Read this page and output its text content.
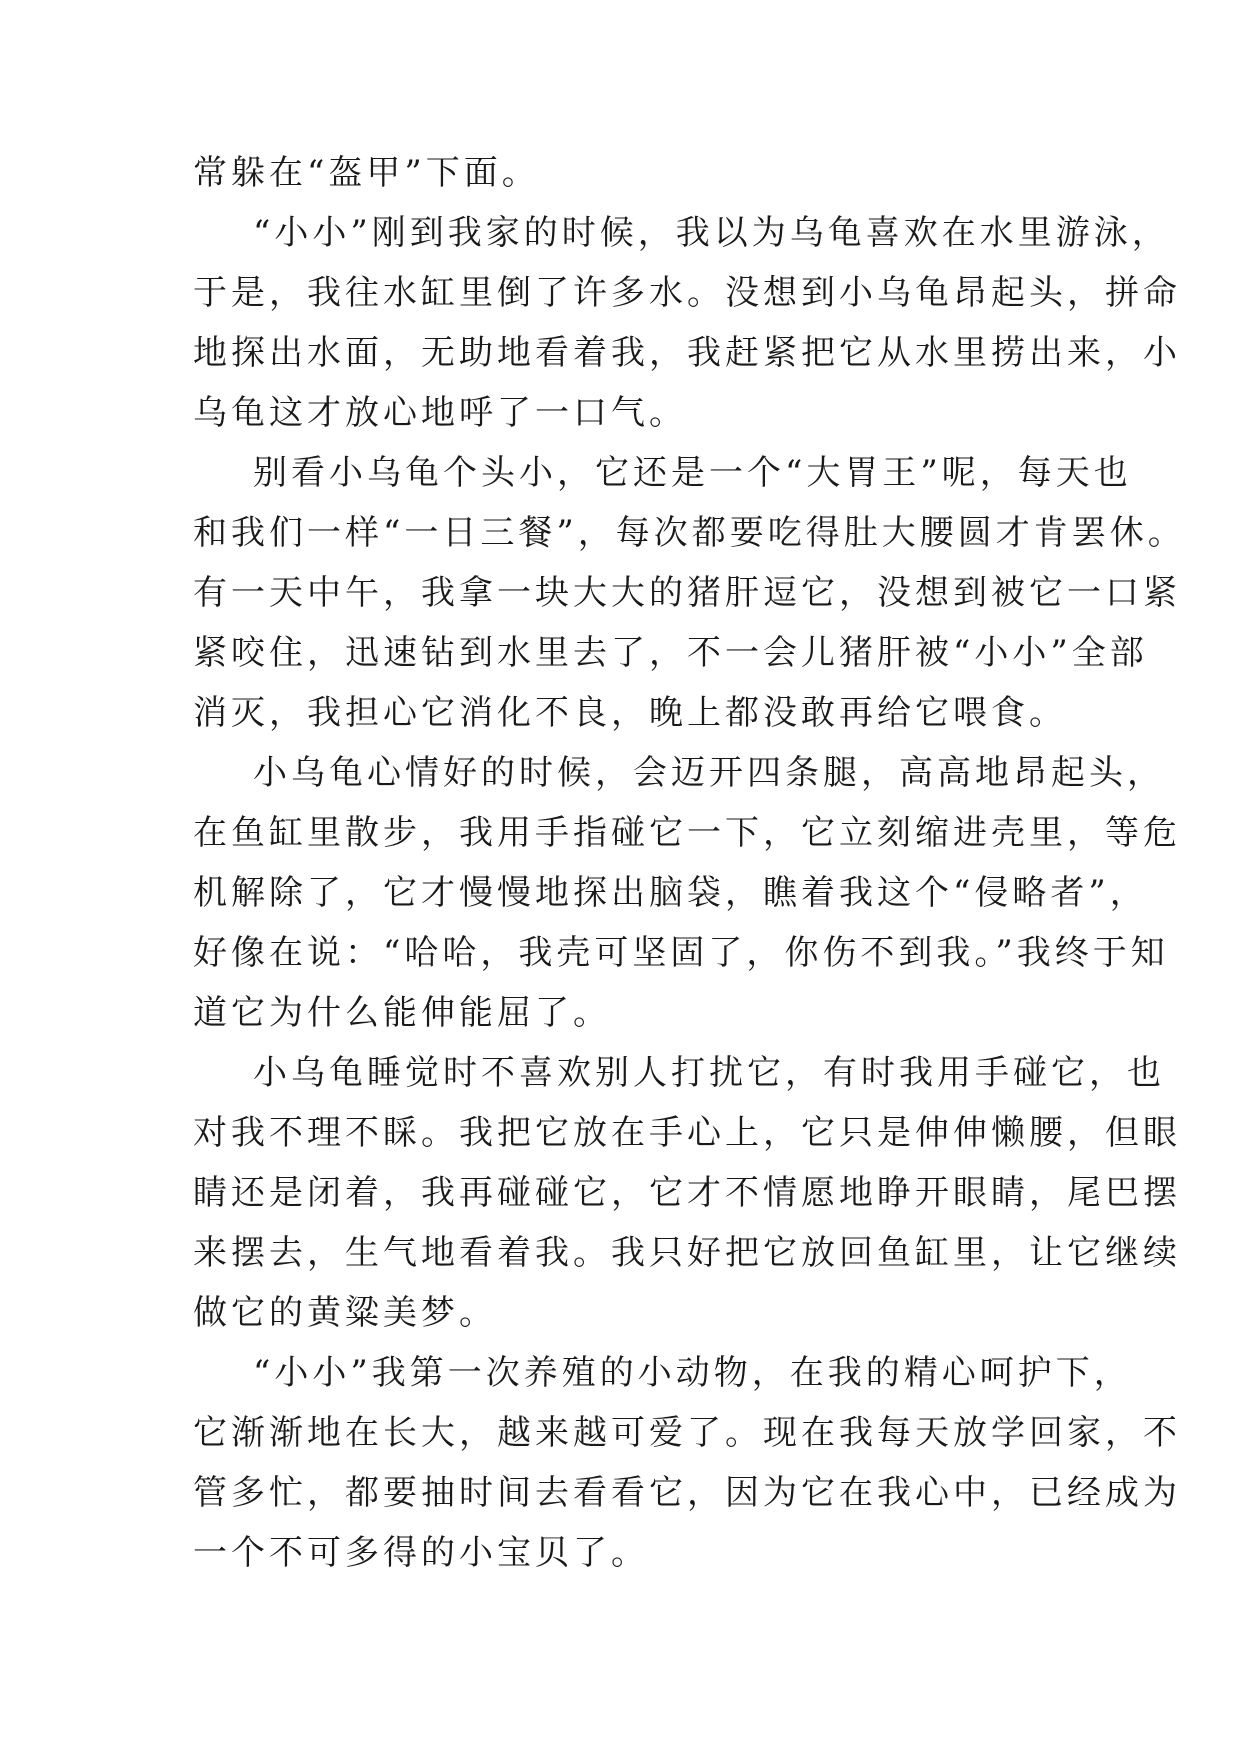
常躲在“盔甲”下面。
“小小”刚到我家的时候，我以为乌龟喜欢在水里游泳，
于是，我往水缸里倒了许多水。没想到小乌龟昂起头，拼命
地探出水面，无助地看着我，我赶紧把它从水里捞出来，小
乌龟这才放心地呼了一口气。
别看小乌龟个头小，它还是一个“大胃王”呢，每天也
和我们一样“一日三餐”，每次都要吃得肚大腰圆才肯罢休。
有一天中午，我拿一块大大的猪肝逗它，没想到被它一口紧
紧咬住，迅速钻到水里去了，不一会儿猪肝被“小小”全部
消灭，我担心它消化不良，晚上都没敢再给它喂食。
小乌龟心情好的时候，会迈开四条腿，高高地昂起头，
在鱼缸里散步，我用手指碰它一下，它立刻缩进壳里，等危
机解除了，它才慢慢地探出脑袋，瞧着我这个“侵略者”，
好像在说：“哈哈，我壳可坚固了，你伤不到我。”我终于知
道它为什么能伸能屈了。
小乌龟睡觉时不喜欢别人打扰它，有时我用手碰它，也
对我不理不睬。我把它放在手心上，它只是伸伸懒腰，但眼
睛还是闭着，我再碰碰它，它才不情愿地睁开眼睛，尾巴摆
来摆去，生气地看着我。我只好把它放回鱼缸里，让它继续
做它的黄粱美梦。
“小小”我第一次养殖的小动物，在我的精心呵护下，
它渐渐地在长大，越来越可爱了。现在我每天放学回家，不
管多忙，都要抽时间去看看它，因为它在我心中，已经成为
一个不可多得的小宝贝了。
